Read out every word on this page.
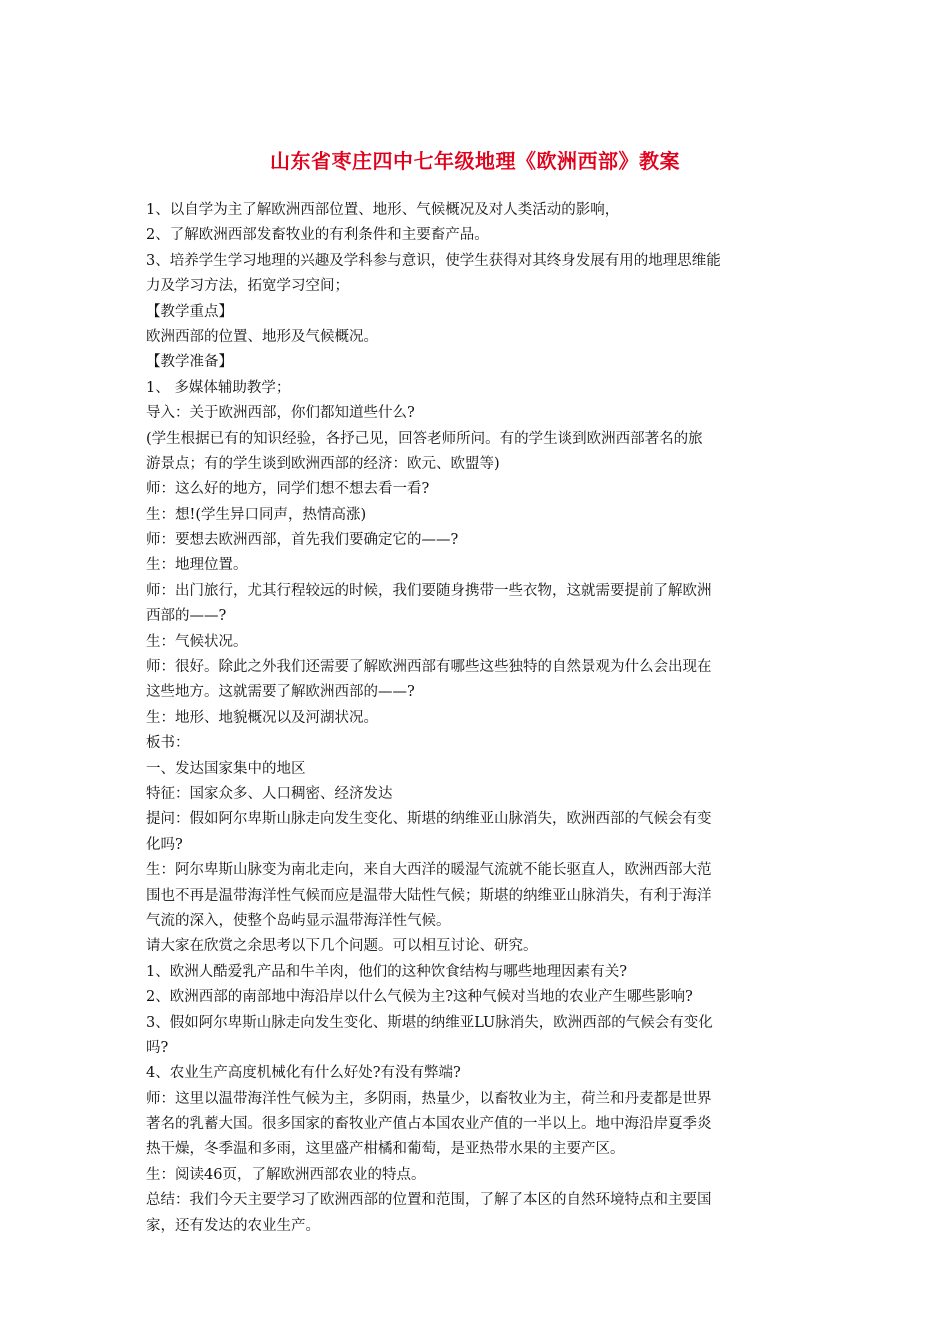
山东省枣庄四中七年级地理《欧洲西部》教案
1、以自学为主了解欧洲西部位置、地形、气候概况及对人类活动的影响，
2、了解欧洲西部发畜牧业的有利条件和主要畜产品。
3、培养学生学习地理的兴趣及学科参与意识，使学生获得对其终身发展有用的地理思维能
力及学习方法，拓宽学习空间；
【教学重点】
欧洲西部的位置、地形及气候概况。
【教学准备】
1、 多媒体辅助教学；
导入：关于欧洲西部，你们都知道些什么?
(学生根据已有的知识经验，各抒己见，回答老师所问。有的学生谈到欧洲西部著名的旅
游景点；有的学生谈到欧洲西部的经济：欧元、欧盟等)
师：这么好的地方，同学们想不想去看一看?
生：想!(学生异口同声，热情高涨)
师：要想去欧洲西部，首先我们要确定它的——?
生：地理位置。
师：出门旅行，尤其行程较远的时候，我们要随身携带一些衣物，这就需要提前了解欧洲
西部的——?
生：气候状况。
师：很好。除此之外我们还需要了解欧洲西部有哪些这些独特的自然景观为什么会出现在
这些地方。这就需要了解欧洲西部的——?
生：地形、地貌概况以及河湖状况。
板书：
一、发达国家集中的地区
特征：国家众多、人口稠密、经济发达
提问：假如阿尔卑斯山脉走向发生变化、斯堪的纳维亚山脉消失，欧洲西部的气候会有变
化吗?
生：阿尔卑斯山脉变为南北走向，来自大西洋的暖湿气流就不能长驱直人，欧洲西部大范
围也不再是温带海洋性气候而应是温带大陆性气候；斯堪的纳维亚山脉消失，有利于海洋
气流的深入，使整个岛屿显示温带海洋性气候。
请大家在欣赏之余思考以下几个问题。可以相互讨论、研究。
1、欧洲人酷爱乳产品和牛羊肉，他们的这种饮食结构与哪些地理因素有关?
2、欧洲西部的南部地中海沿岸以什么气候为主?这种气候对当地的农业产生哪些影响?
3、假如阿尔卑斯山脉走向发生变化、斯堪的纳维亚LU脉消失，欧洲西部的气候会有变化
吗?
4、农业生产高度机械化有什么好处?有没有弊端?
师：这里以温带海洋性气候为主，多阴雨，热量少，以畜牧业为主，荷兰和丹麦都是世界
著名的乳蓄大国。很多国家的畜牧业产值占本国农业产值的一半以上。地中海沿岸夏季炎
热干燥，冬季温和多雨，这里盛产柑橘和葡萄，是亚热带水果的主要产区。
生：阅读46页，了解欧洲西部农业的特点。
总结：我们今天主要学习了欧洲西部的位置和范围，了解了本区的自然环境特点和主要国
家，还有发达的农业生产。
